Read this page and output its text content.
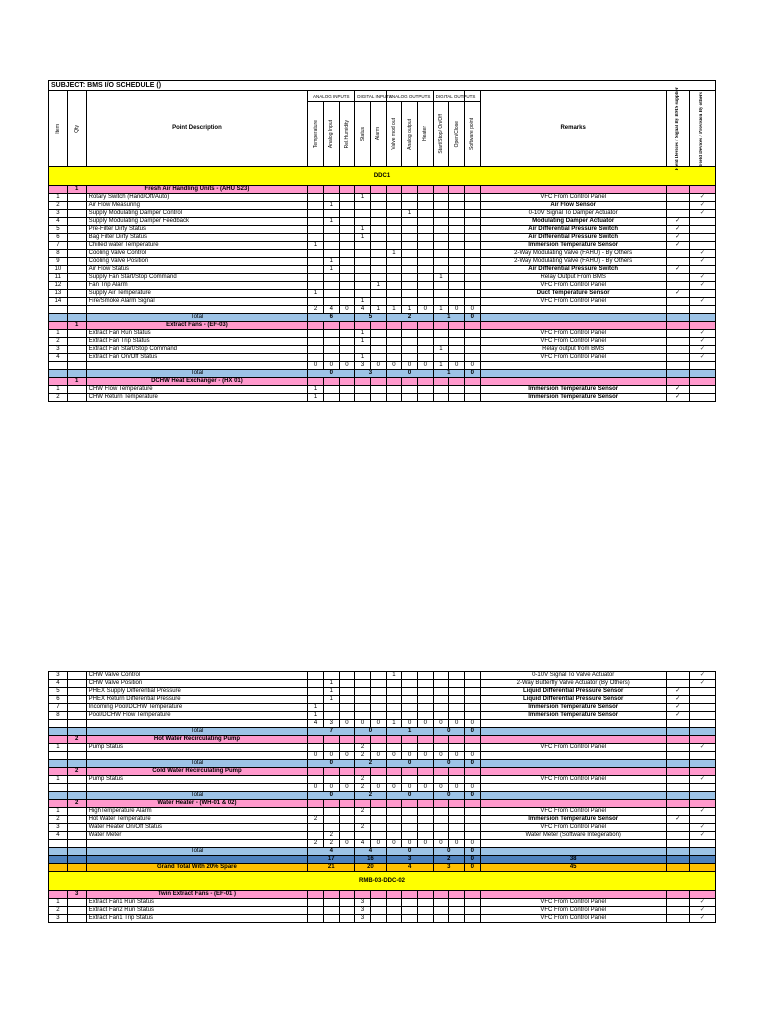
SUBJECT: BMS I/O SCHEDULE ()																

Item	Qty	Point Description	ANALOG INPUTS			DIGITAL INPUTS		ANALOG OUTPUTS			DIGITAL OUTPUTS			Remarks	Field Devices / Signal By BMS supplier	Field Devices / Provision By others

			Temperature	Analog Input	Rel.Humidity	Status	Alarm	Valve mod out	Analog output	Heater	Start/Stop/ On/Off	Open/Close	Software point			

DDC1																
	1	Fresh Air Handling Units - (AHU S23)														
1		Rotary Switch (Hand/Off/Auto)				1								VFC From Control Panel		✓
2		Air Flow Measuring		1										Air Flow Sensor		✓
3		Supply Modulating Damper Control							1					0-10V Signal To Damper Actuator		✓
4		Supply Modulating Damper Feedback		1										Modulating Damper Actuator	✓	
5		Pre-Filter Dirty Status				1								Air Differential Pressure Switch	✓	
6		Bag Filter Dirty Status				1								Air Differential Pressure Switch	✓	
7		Chilled water Temperature	1											Immersion Temperature Sensor	✓	
8		Cooling Valve Control						1						2-Way Modulating Valve (FAHU) - By Others		✓
9		Cooling Valve Position		1										2-Way Modulating Valve (FAHU) - By Others		✓
10		Air Flow Status		1										Air Differential Pressure Switch	✓	
11		Supply Fan Start/Stop Command									1			Relay Output From BMS		✓
12		Fan Trip Alarm					1							VFC From Control Panel		✓
13		Supply Air Temperature	1											Duct Temperature Sensor	✓	
14		Fire/Smoke Alarm Signal				1								VFC From Control Panel		✓
			2	4	0	4	1	1	1	0	1	0	0			
		Total	6			5		2			1		0			
	1	Extract Fans - (EF-03)														
1		Extract Fan Run Status				1								VFC From Control Panel		✓
2		Extract Fan Trip Status				1								VFC From Control Panel		✓
3		Extract Fan Start/Stop Command									1			Relay output from BMS		✓
4		Extract Fan On/Off Status				1								VFC From Control Panel		✓
			0	0	0	3	0	0	0	0	1	0	0			
		Total	0			3		0			1		0			
	1	DCHW Heat Exchanger - (HX 01)														
1		CHW Flow Temperature	1											Immersion Temperature Sensor	✓	
2		CHW Return Temperature	1											Immersion Temperature Sensor	✓	
3		CHW Valve Control						1						0-10V Signal To Valve Actuator		✓
4		CHW Valve Position		1										2-Way Butterfly Valve Actuator (By Others)		✓
5		PHEX Supply Differential Pressure		1										Liquid Differential Pressure Sensor	✓	
6		PHEX Return Differential Pressure		1										Liquid Differential Pressure Sensor	✓	
7		Incoming Pool/DCHW Temperature	1											Immersion Temperature Sensor	✓	
8		Pool/DCHW Flow Temperature	1											Immersion Temperature Sensor	✓	
			4	3	0	0	0	1	0	0	0	0	0			
		Total	7			0		1			0		0			
	2	Hot Water Recirculating Pump														
1		Pump Status				2								VFC From Control Panel		✓
			0	0	0	2	0	0	0	0	0	0	0			
		Total	0			2		0			0		0			
	2	Cold Water Recirculating Pump														
1		Pump Status				2								VFC From Control Panel		✓
			0	0	0	2	0	0	0	0	0	0	0			
		Total	0			2		0			0		0			
	2	Water Heater - (WH-01 & 02)														
1		HighTemperature Alarm				2								VFC From Control Panel		✓
2		Hot Water Temperature	2											Immersion Temperature Sensor	✓	
3		Water Heater On/Off Status				2								VFC From Control Panel		✓
4		Water Meter		2										Water Meter (Software Integeration)		✓
			2	2	0	4	0	0	0	0	0	0	0			
		Total	4			4		0			0		0			
			17			16		3			2		0	38		
		Grand Total With 20% Spare	21			20		4			3		0	45		
RMB-03-DDC-02																
	3	Twin Extract Fans - (EF-01 )														
1		Extract Fan1 Run Status				3								VFC From Control Panel		✓
2		Extract Fan2 Run Status				3								VFC From Control Panel		✓
3		Extract Fan1 Trip Status				3								VFC From Control Panel		✓
